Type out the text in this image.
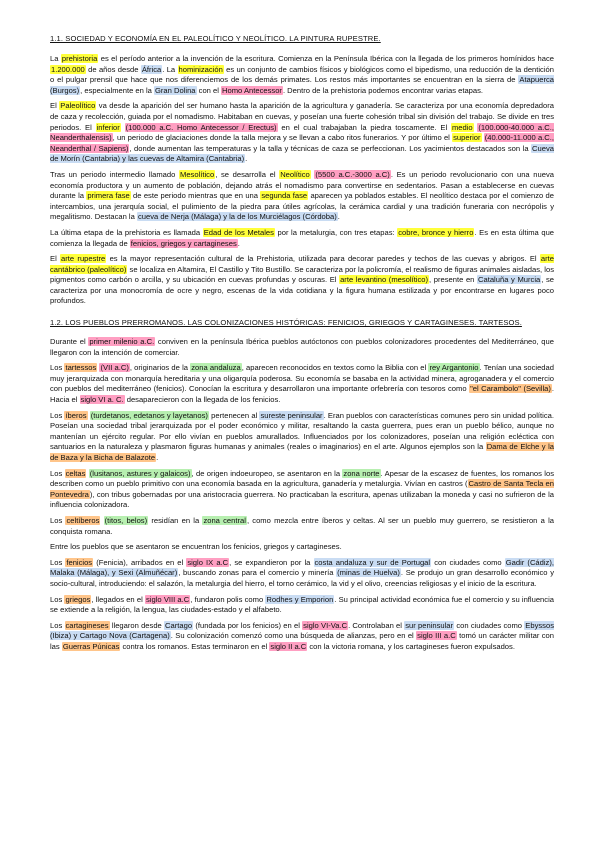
1.1. SOCIEDAD Y ECONOMÍA EN EL PALEOLÍTICO Y NEOLÍTICO. LA PINTURA RUPESTRE.

La prehistoria es el período anterior a la invención de la escritura. Comienza en la Península Ibérica con la llegada de los primeros homínidos hace 1.200.000 de años desde África. La hominización es un conjunto de cambios físicos y biológicos como el bipedismo, una reducción de la dentición o el pulgar prensil que hace que nos diferenciemos de los demás primates. Los restos más importantes se encuentran en la sierra de Atapuerca (Burgos), especialmente en la Gran Dolina con el Homo Antecessor. Dentro de la prehistoria podemos encontrar varias etapas.

El Paleolítico va desde la aparición del ser humano hasta la aparición de la agricultura y ganadería. Se caracteriza por una economía depredadora de caza y recolección, guiada por el nomadismo. Habitaban en cuevas, y poseían una fuerte cohesión tribal sin división del trabajo. Se divide en tres periodos. El inferior (100.000 a.C. Homo Antecessor / Erectus) en el cual trabajaban la piedra toscamente. El medio (100.000-40.000 a.C., Neanderthalensis), un periodo de glaciaciones donde la talla mejora y se llevan a cabo ritos funerarios. Y por último el superior (40.000-11.000 a.C., Neanderthal / Sapiens), donde aumentan las temperaturas y la talla y técnicas de caza se perfeccionan. Los yacimientos destacados son la Cueva de Morín (Cantabria) y las cuevas de Altamira (Cantabria).

Tras un periodo intermedio llamado Mesolítico, se desarrolla el Neolítico (5500 a.C.-3000 a.C). Es un periodo revolucionario con una nueva economía productora y un aumento de población, dejando atrás el nomadismo para convertirse en sedentarios. Pasan a establecerse en cuevas durante la primera fase de este periodo mientras que en una segunda fase aparecen ya poblados estables. El neolítico destaca por el comienzo de intercambios, una jerarquía social, el pulimiento de la piedra para útiles agrícolas, la cerámica cardial y una tradición funeraria con necrópolis y megalitismo. Destacan la cueva de Nerja (Málaga) y la de los Murciélagos (Córdoba).

La última etapa de la prehistoria es llamada Edad de los Metales por la metalurgia, con tres etapas: cobre, bronce y hierro. Es en esta última que comienza la llegada de fenicios, griegos y cartagineses.

El arte rupestre es la mayor representación cultural de la Prehistoria, utilizada para decorar paredes y techos de las cuevas y abrigos. El arte cantábrico (paleolítico) se localiza en Altamira, El Castillo y Tito Bustillo. Se caracteriza por la policromía, el realismo de figuras animales aisladas, los pigmentos como carbón o arcilla, y su ubicación en cuevas profundas y oscuras. El arte levantino (mesolítico), presente en Cataluña y Murcia, se caracteriza por una monocromía de ocre y negro, escenas de la vida cotidiana y la figura humana estilizada y por encontrarse en lugares poco profundos.

1.2. LOS PUEBLOS PRERROMANOS. LAS COLONIZACIONES HISTÓRICAS: FENICIOS, GRIEGOS Y CARTAGINESES. TARTESOS.

Durante el primer milenio a.C. conviven en la península Ibérica pueblos autóctonos con pueblos colonizadores procedentes del Mediterráneo, que llegaron con la intención de comerciar.

Los tartessos (VII a.C), originarios de la zona andaluza, aparecen reconocidos en textos como la Biblia con el rey Argantonio. Tenían una sociedad muy jerarquizada con monarquía hereditaria y una oligarquía poderosa. Su economía se basaba en la actividad minera, agroganadera y el comercio con pueblos del mediterráneo (fenicios). Conocían la escritura y desarrollaron una importante orfebrería con tesoros como "el Carambolo" (Sevilla). Hacia el siglo VI a. C. desaparecieron con la llegada de los fenicios.

Los íberos (turdetanos, edetanos y layetanos) pertenecen al sureste peninsular. Eran pueblos con características comunes pero sin unidad política. Poseían una sociedad tribal jerarquizada por el poder económico y militar, resaltando la casta guerrera, pues eran un pueblo bélico, aunque no mantenían un ejército regular. Por ello vivían en pueblos amurallados. Influenciados por los colonizadores, poseían una religión ecléctica con santuarios en la naturaleza y plasmaron figuras humanas y animales (reales o imaginarios) en el arte. Algunos ejemplos son la Dama de Elche y la de Baza y la Bicha de Balazote.

Los celtas (lusitanos, astures y galaicos), de origen indoeuropeo, se asentaron en la zona norte. Apesar de la escasez de fuentes, los romanos los describen como un pueblo primitivo con una economía basada en la agricultura, ganadería y metalurgia. Vivían en castros (Castro de Santa Tecla en Pontevedra), con tribus gobernadas por una aristocracia guerrera. No practicaban la escritura, apenas utilizaban la moneda y casi no sufrieron de la influencia colonizadora.

Los celtíberos (titos, belos) residían en la zona central, como mezcla entre íberos y celtas. Al ser un pueblo muy guerrero, se resistieron a la conquista romana.

Entre los pueblos que se asentaron se encuentran los fenicios, griegos y cartagineses.

Los fenicios (Fenicia), arribados en el siglo IX a.C, se expandieron por la costa andaluza y sur de Portugal con ciudades como Gadir (Cádiz), Malaka (Málaga), y Sexi (Almuñécar), buscando zonas para el comercio y minería (minas de Huelva). Se produjo un gran desarrollo económico y socio-cultural, introduciendo: el salazón, la metalurgia del hierro, el torno cerámico, la vid y el olivo, creencias religiosas y el inicio de la escritura.

Los griegos, llegados en el siglo VIII a.C, fundaron polis como Rodhes y Emporion. Su principal actividad económica fue el comercio y su influencia se extiende a la religión, la lengua, las ciudades-estado y el alfabeto.

Los cartagineses llegaron desde Cartago (fundada por los fenicios) en el siglo VI-Va.C. Controlaban el sur peninsular con ciudades como Ebyssos (Ibiza) y Cartago Nova (Cartagena). Su colonización comenzó como una búsqueda de alianzas, pero en el siglo III a.C tomó un carácter militar con las Guerras Púnicas contra los romanos. Estas terminaron en el siglo II a.C con la victoria romana, y los cartagineses fueron expulsados.
